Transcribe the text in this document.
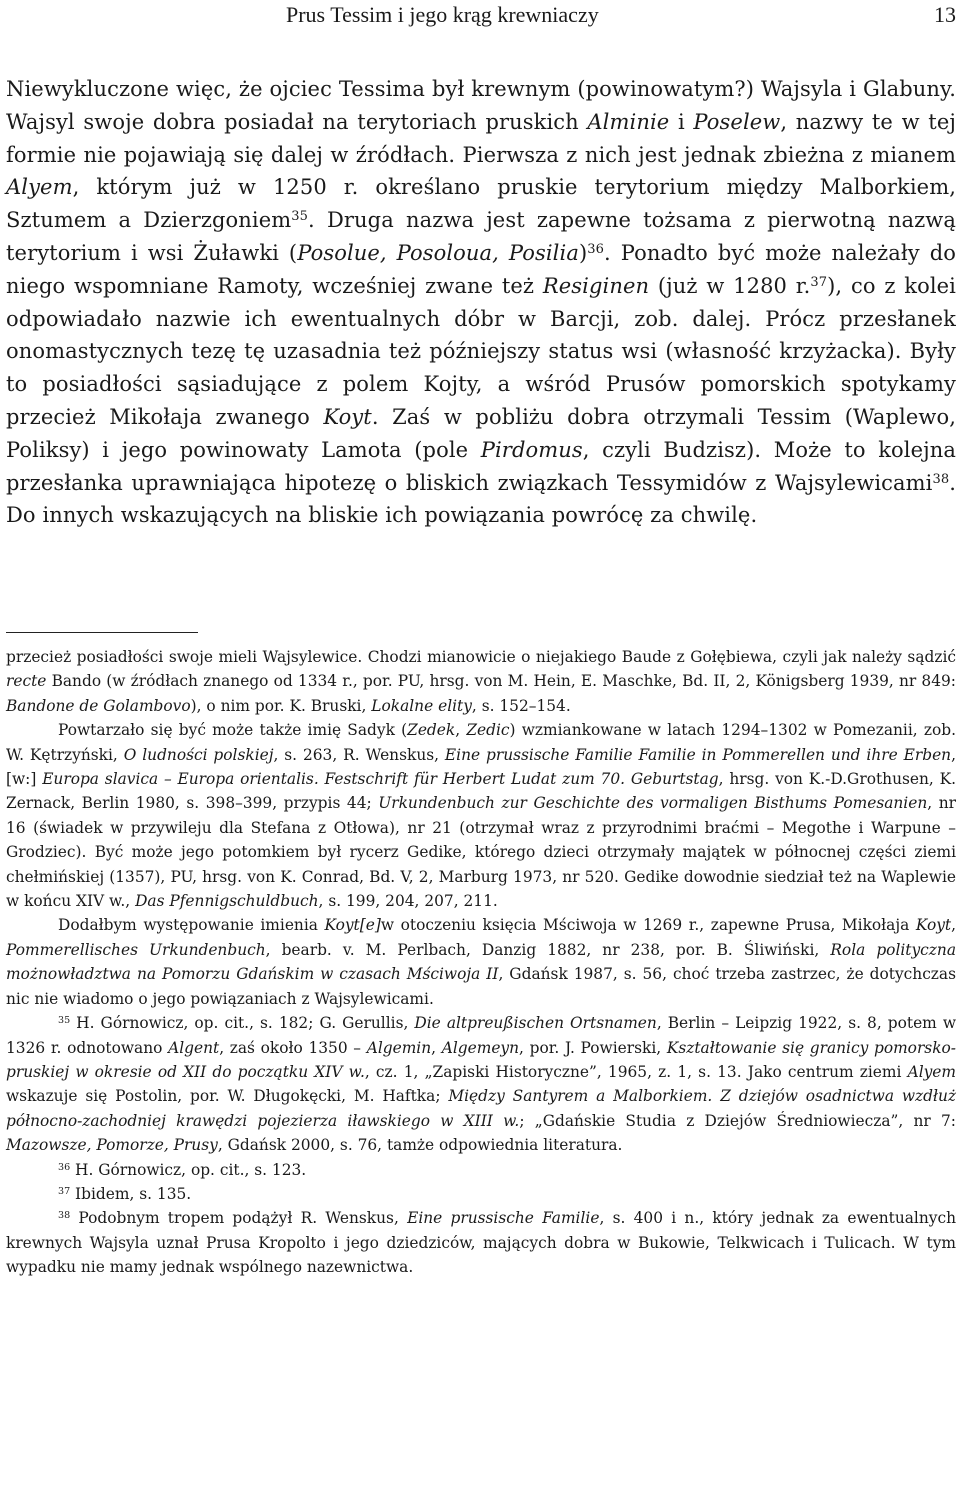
Prus Tessim i jego krąg krewniaczy	13

Niewykluczone więc, że ojciec Tessima był krewnym (powinowatym?) Wajsyla i Glabuny. Wajsyl swoje dobra posiadał na terytoriach pruskich Alminie i Poselew, nazwy te w tej formie nie pojawiają się dalej w źródłach. Pierwsza z nich jest jednak zbieżna z mianem Alyem, którym już w 1250 r. określano pruskie terytorium między Malborkiem, Sztumem a Dzierzgoniem$^{35}$. Druga nazwa jest zapewne tożsama z pierwotną nazwą terytorium i wsi Żuławki (Posolue, Posoloua, Posilia)$^{36}$. Ponadto być może należały do niego wspomniane Ramoty, wcześniej zwane też Resiginen (już w 1280 r.$^{37}$), co z kolei odpowiadało nazwie ich ewentualnych dóbr w Barcji, zob. dalej. Prócz przesłanek onomastycznych tezę tę uzasadnia też późniejszy status wsi (własność krzyżacka). Były to posiadłości sąsiadujące z polem Kojty, a wśród Prusów pomorskich spotykamy przecież Mikołaja zwanego Koyt. Zaś w pobliżu dobra otrzymali Tessim (Waplewo, Poliksy) i jego powinowaty Lamota (pole Pirdomus, czyli Budzisz). Może to kolejna przesłanka uprawniająca hipotezę o bliskich związkach Tessymidów z Wajsylewicami$^{38}$. Do innych wskazujących na bliskie ich powiązania powrócę za chwilę.

przecież posiadłości swoje mieli Wajsylewice. Chodzi mianowicie o niejakiego Baude z Gołębiewa, czyli jak należy sądzić recte Bando (w źródłach znanego od 1334 r., por. PU, hrsg. von M. Hein, E. Maschke, Bd. II, 2, Königsberg 1939, nr 849: Bandone de Golambovo), o nim por. K. Bruski, Lokalne elity, s. 152–154.

Powtarzało się być może także imię Sadyk (Zedek, Zedic) wzmiankowane w latach 1294–1302 w Pomezanii, zob. W. Kętrzyński, O ludności polskiej, s. 263, R. Wenskus, Eine prussische Familie Familie in Pommerellen und ihre Erben, [w:] Europa slavica – Europa orientalis. Festschrift für Herbert Ludat zum 70. Geburtstag, hrsg. von K.-D.Grothusen, K. Zernack, Berlin 1980, s. 398–399, przypis 44; Urkundenbuch zur Geschichte des vormaligen Bisthums Pomesanien, nr 16 (świadek w przywileju dla Stefana z Otłowa), nr 21 (otrzymał wraz z przyrodnimi braćmi – Megothe i Warpune – Grodziec). Być może jego potomkiem był rycerz Gedike, którego dzieci otrzymały majątek w północnej części ziemi chełmińskiej (1357), PU, hrsg. von K. Conrad, Bd. V, 2, Marburg 1973, nr 520. Gedike dowodnie siedział też na Waplewie w końcu XIV w., Das Pfennigschuldbuch, s. 199, 204, 207, 211.

Dodałbym występowanie imienia Koyt[e]w otoczeniu księcia Mściwoja w 1269 r., zapewne Prusa, Mikołaja Koyt, Pommerellisches Urkundenbuch, bearb. v. M. Perlbach, Danzig 1882, nr 238, por. B. Śliwiński, Rola polityczna możnowładztwa na Pomorzu Gdańskim w czasach Mściwoja II, Gdańsk 1987, s. 56, choć trzeba zastrzec, że dotychczas nic nie wiadomo o jego powiązaniach z Wajsylewicami.

$^{35}$ H. Górnowicz, op. cit., s. 182; G. Gerullis, Die altpreußischen Ortsnamen, Berlin – Leipzig 1922, s. 8, potem w 1326 r. odnotowano Algent, zaś około 1350 – Algemin, Algemeyn, por. J. Powierski, Kształtowanie się granicy pomorsko-pruskiej w okresie od XII do początku XIV w., cz. 1, „Zapiski Historyczne”, 1965, z. 1, s. 13. Jako centrum ziemi Alyem wskazuje się Postolin, por. W. Długokęcki, M. Haftka; Między Santyrem a Malborkiem. Z dziejów osadnictwa wzdłuż północno-zachodniej krawędzi pojezierza iławskiego w XIII w.; „Gdańskie Studia z Dziejów Średniowiecza”, nr 7: Mazowsze, Pomorze, Prusy, Gdańsk 2000, s. 76, tamże odpowiednia literatura.

$^{36}$ H. Górnowicz, op. cit., s. 123.

$^{37}$ Ibidem, s. 135.

$^{38}$ Podobnym tropem podążył R. Wenskus, Eine prussische Familie, s. 400 i n., który jednak za ewentualnych krewnych Wajsyla uznał Prusa Kropolto i jego dziedziców, mających dobra w Bukowie, Telkwicach i Tulicach. W tym wypadku nie mamy jednak wspólnego nazewnictwa.
